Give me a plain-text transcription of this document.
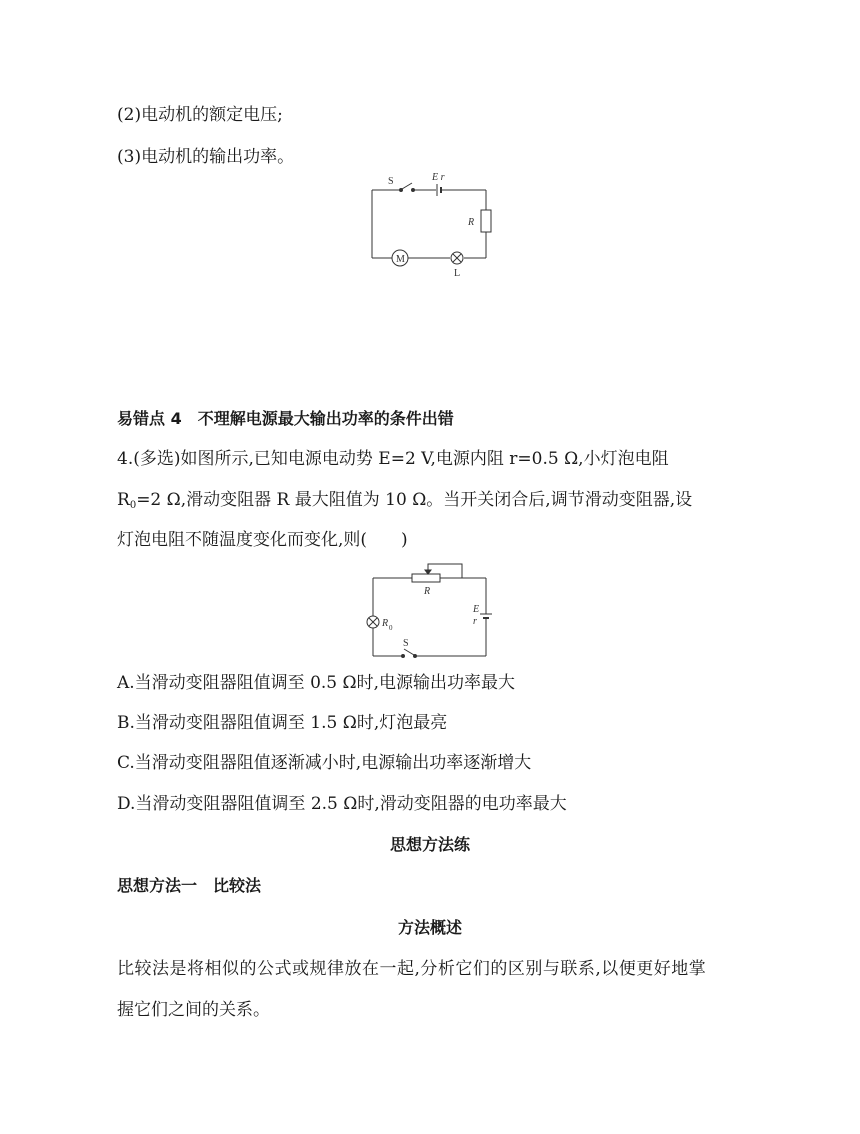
(2)电动机的额定电压;
(3)电动机的输出功率。
S	E r
R
M
L
易错点 4　不理解电源最大输出功率的条件出错
4.(多选)如图所示,已知电源电动势 E=2 V,电源内阻 r=0.5 Ω,小灯泡电阻
$R_0=2$ Ω,滑动变阻器 R 最大阻值为 10 Ω。当开关闭合后,调节滑动变阻器,设
灯泡电阻不随温度变化而变化,则(　　)
R
E
r
R 0
S
A.当滑动变阻器阻值调至 0.5 Ω时,电源输出功率最大
B.当滑动变阻器阻值调至 1.5 Ω时,灯泡最亮
C.当滑动变阻器阻值逐渐减小时,电源输出功率逐渐增大
D.当滑动变阻器阻值调至 2.5 Ω时,滑动变阻器的电功率最大
思想方法练
思想方法一　比较法
方法概述
比较法是将相似的公式或规律放在一起,分析它们的区别与联系,以便更好地掌
握它们之间的关系。
